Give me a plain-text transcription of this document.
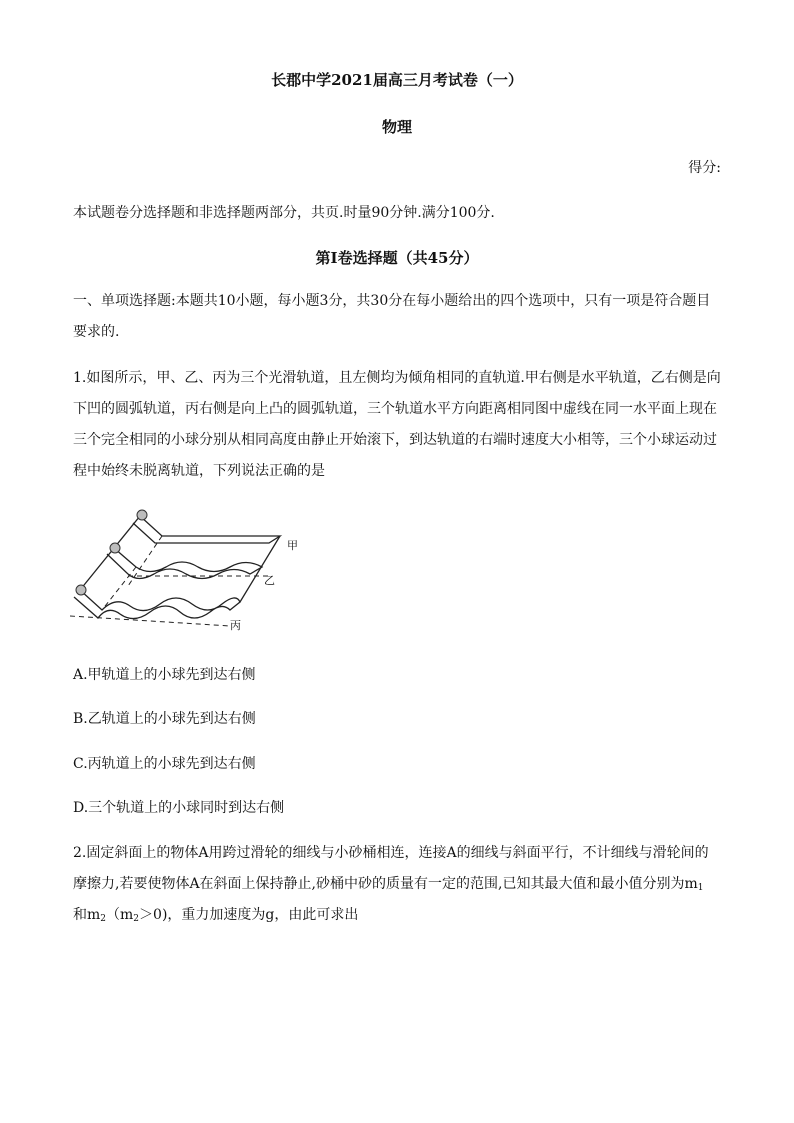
长郡中学2021届高三月考试卷（一）
物理
得分:
本试题卷分选择题和非选择题两部分，共页.时量90分钟.满分100分.
第Ⅰ卷选择题（共45分）
一、单项选择题:本题共10小题，每小题3分，共30分在每小题给出的四个选项中，只有一项是符合题目
要求的.
1.如图所示，甲、乙、丙为三个光滑轨道，且左侧均为倾角相同的直轨道.甲右侧是水平轨道，乙右侧是向
下凹的圆弧轨道，丙右侧是向上凸的圆弧轨道，三个轨道水平方向距离相同图中虚线在同一水平面上现在
三个完全相同的小球分别从相同高度由静止开始滚下，到达轨道的右端时速度大小相等，三个小球运动过
程中始终未脱离轨道，下列说法正确的是
甲
乙
丙
A.甲轨道上的小球先到达右侧
B.乙轨道上的小球先到达右侧
C.丙轨道上的小球先到达右侧
D.三个轨道上的小球同时到达右侧
2.固定斜面上的物体A用跨过滑轮的细线与小砂桶相连，连接A的细线与斜面平行，不计细线与滑轮间的
摩擦力,若要使物体A在斜面上保持静止,砂桶中砂的质量有一定的范围,已知其最大值和最小值分别为$m_1$
和$m_2(m_2>0)$，重力加速度为g，由此可求出
